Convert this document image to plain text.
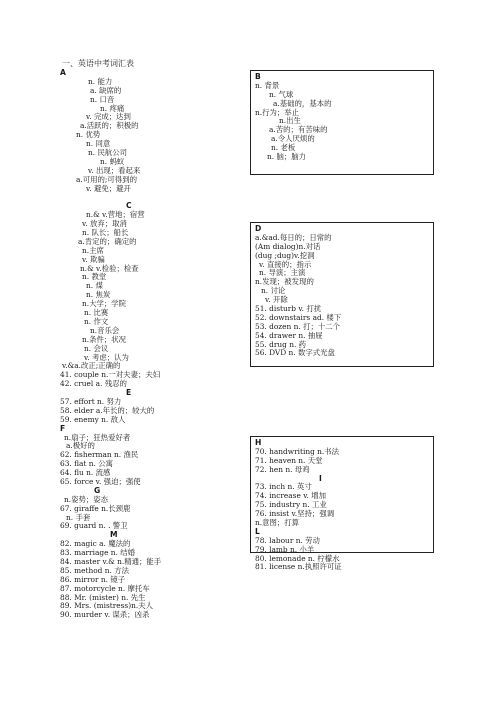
一、英语中考词汇表
A
n. 能力
a. 缺席的
n. 口音
n. 疼痛
v. 完成；达到
a.活跃的；积极的
n. 优势
n. 同意
n. 民航公司
n. 蚂蚁
v. 出现；看起来
a.可用的;可得到的
v. 避免；避开
C
n.& v.营地；宿营
v. 放弃；取消
n. 队长；船长
a.肯定的；确定的
n.主席
v. 欺骗
n.& v.检验；检查
n. 教堂
n. 煤
n. 焦炭
n.大学；学院
n. 比赛
n. 作文
n.音乐会
n.条件；状况
n. 会议
v. 考虑；认为
v.&a.改正;正确的
41. couple n.一对夫妻；夫妇
42. cruel a. 残忍的
E
57. effort n. 努力
58. elder a.年长的；较大的
59. enemy n. 敌人
F
n.扇子；狂热爱好者
a.极好的
62. fisherman n. 渔民
63. flat n. 公寓
64. flu n. 流感
65. force v. 强迫；强使
G
n.姿势；姿态
67. giraffe n.长颈鹿
n. 手套
69. guard n. . 警卫
M
82. magic a. 魔法的
83. marriage n. 结婚
84. master v.& n.精通；能手
85. method n. 方法
86. mirror n. 镜子
87. motorcycle n. 摩托车
88. Mr. (mister) n. 先生
89. Mrs. (mistress)n.夫人
90. murder v. 谋杀；凶杀
B
n. 背景
n. 气球
a.基础的，基本的
n.行为；举止
n.出生
a.苦的；有苦味的
a.令人厌烦的
n. 老板
n. 脑；脑力
D
a.&ad.每日的；日常的
(Am dialog)n.对话
(dug ;dug)v.挖洞
v. 直接的；指示
n. 导演；主演
n.发现；被发现的
n. 讨论
v. 开除
51. disturb v. 打扰
52. downstairs ad. 楼下
53. dozen n. 打；十二个
54. drawer n. 抽屉
55. drug n. 药
56. DVD n. 数字式光盘
H
70. handwriting n.书法
71. heaven n. 天堂
72. hen n. 母鸡
I
73. inch n. 英寸
74. increase v. 增加
75. industry n. 工业
76. insist v.坚持；强调
n.意图；打算
L
78. labour n. 劳动
79. lamb n. 小羊
80. lemonade n. 柠檬水
81. license n.执照许可证
